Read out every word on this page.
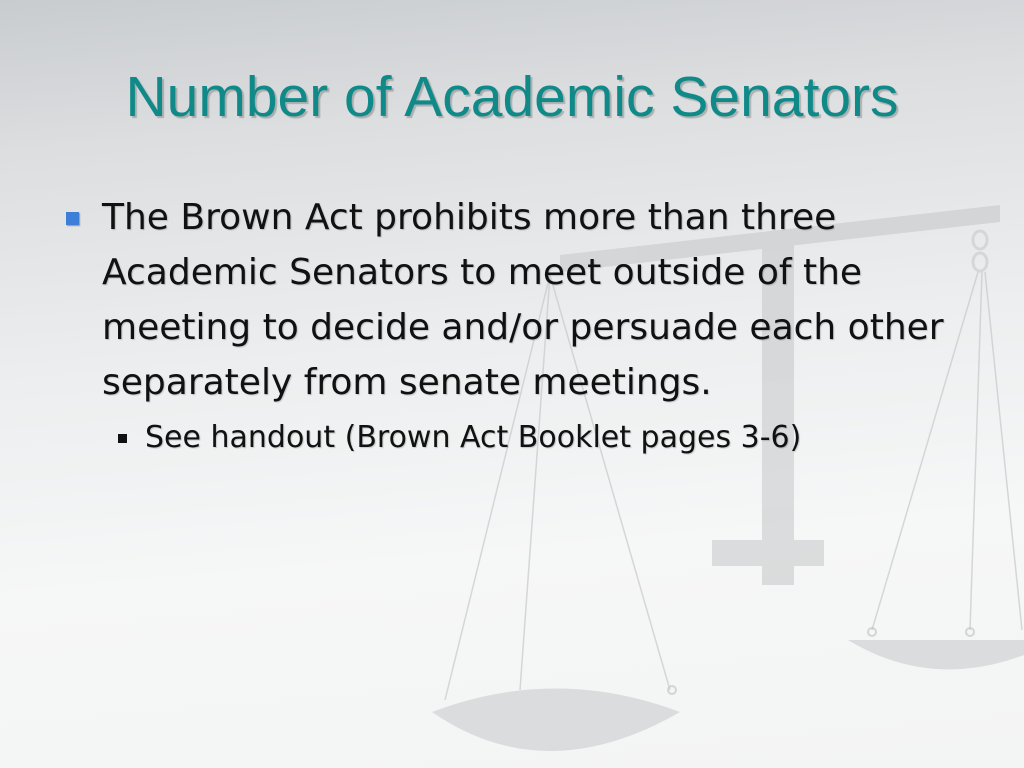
Number of Academic Senators
The Brown Act prohibits more than three Academic Senators to meet outside of the meeting to decide and/or persuade each other separately from senate meetings.
See handout (Brown Act Booklet pages 3-6)
